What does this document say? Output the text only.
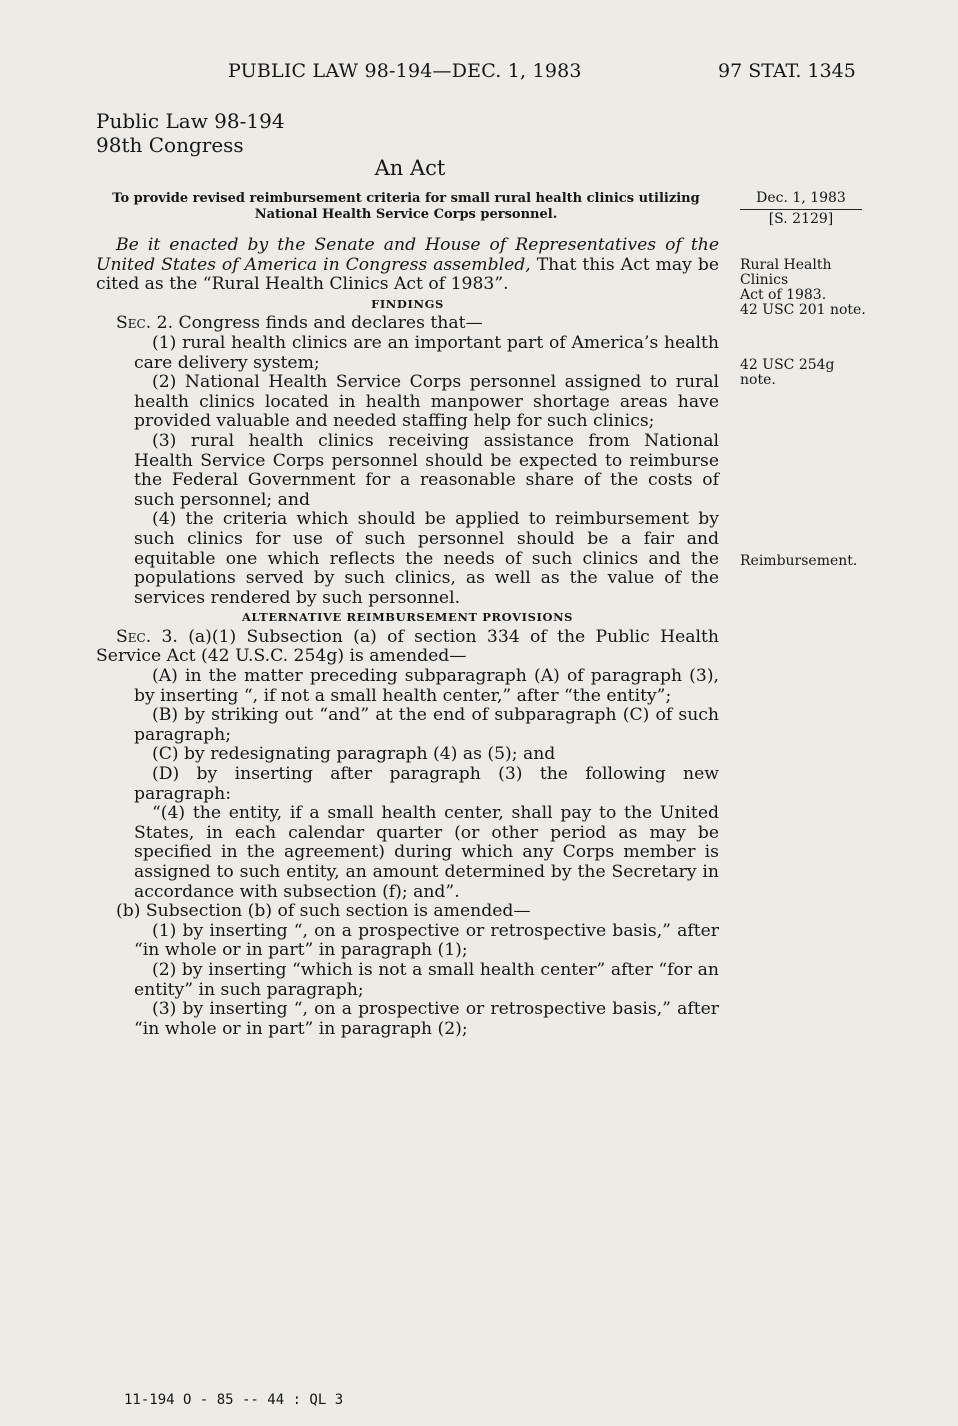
PUBLIC LAW 98-194—DEC. 1, 1983	97 STAT. 1345
Public Law 98-194
98th Congress
An Act
To provide revised reimbursement criteria for small rural health clinics utilizing
National Health Service Corps personnel.

Be it enacted by the Senate and House of Representatives of the United States of America in Congress assembled, That this Act may be cited as the “Rural Health Clinics Act of 1983”.

FINDINGS

Sec. 2. Congress finds and declares that—

(1) rural health clinics are an important part of America’s health care delivery system;

(2) National Health Service Corps personnel assigned to rural health clinics located in health manpower shortage areas have provided valuable and needed staffing help for such clinics;

(3) rural health clinics receiving assistance from National Health Service Corps personnel should be expected to reimburse the Federal Government for a reasonable share of the costs of such personnel; and

(4) the criteria which should be applied to reimbursement by such clinics for use of such personnel should be a fair and equitable one which reflects the needs of such clinics and the populations served by such clinics, as well as the value of the services rendered by such personnel.

ALTERNATIVE REIMBURSEMENT PROVISIONS

Sec. 3. (a)(1) Subsection (a) of section 334 of the Public Health Service Act (42 U.S.C. 254g) is amended—

(A) in the matter preceding subparagraph (A) of paragraph (3), by inserting “, if not a small health center,” after “the entity”;

(B) by striking out “and” at the end of subparagraph (C) of such paragraph;

(C) by redesignating paragraph (4) as (5); and

(D) by inserting after paragraph (3) the following new paragraph:

“(4) the entity, if a small health center, shall pay to the United States, in each calendar quarter (or other period as may be specified in the agreement) during which any Corps member is assigned to such entity, an amount determined by the Secretary in accordance with subsection (f); and”.

(b) Subsection (b) of such section is amended—

(1) by inserting “, on a prospective or retrospective basis,” after “in whole or in part” in paragraph (1);

(2) by inserting “which is not a small health center” after “for an entity” in such paragraph;

(3) by inserting “, on a prospective or retrospective basis,” after “in whole or in part” in paragraph (2);

Dec. 1, 1983
[S. 2129]
Rural Health
Clinics
Act of 1983.
42 USC 201 note.
42 USC 254g
note.
Reimbursement.
11-194 O - 85 -- 44 : QL 3
